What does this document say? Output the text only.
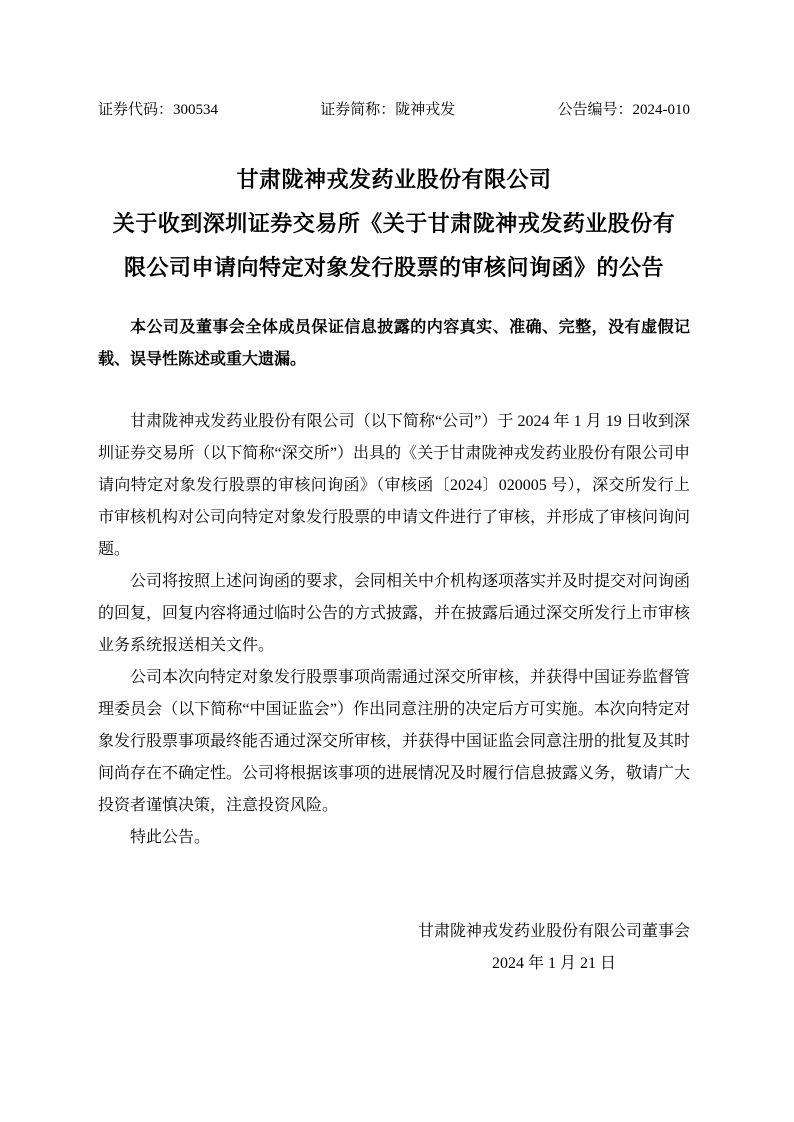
证券代码：300534	证券简称：陇神戎发	公告编号：2024-010
甘肃陇神戎发药业股份有限公司
关于收到深圳证券交易所《关于甘肃陇神戎发药业股份有
限公司申请向特定对象发行股票的审核问询函》的公告
本公司及董事会全体成员保证信息披露的内容真实、准确、完整，没有虚假记载、误导性陈述或重大遗漏。

甘肃陇神戎发药业股份有限公司（以下简称“公司”）于 2024 年 1 月 19 日收到深圳证券交易所（以下简称“深交所”）出具的《关于甘肃陇神戎发药业股份有限公司申请向特定对象发行股票的审核问询函》（审核函〔2024〕020005 号），深交所发行上市审核机构对公司向特定对象发行股票的申请文件进行了审核，并形成了审核问询问题。

公司将按照上述问询函的要求，会同相关中介机构逐项落实并及时提交对问询函的回复，回复内容将通过临时公告的方式披露，并在披露后通过深交所发行上市审核业务系统报送相关文件。

公司本次向特定对象发行股票事项尚需通过深交所审核，并获得中国证券监督管理委员会（以下简称“中国证监会”）作出同意注册的决定后方可实施。本次向特定对象发行股票事项最终能否通过深交所审核，并获得中国证监会同意注册的批复及其时间尚存在不确定性。公司将根据该事项的进展情况及时履行信息披露义务，敬请广大投资者谨慎决策，注意投资风险。

特此公告。

甘肃陇神戎发药业股份有限公司董事会
2024 年 1 月 21 日
